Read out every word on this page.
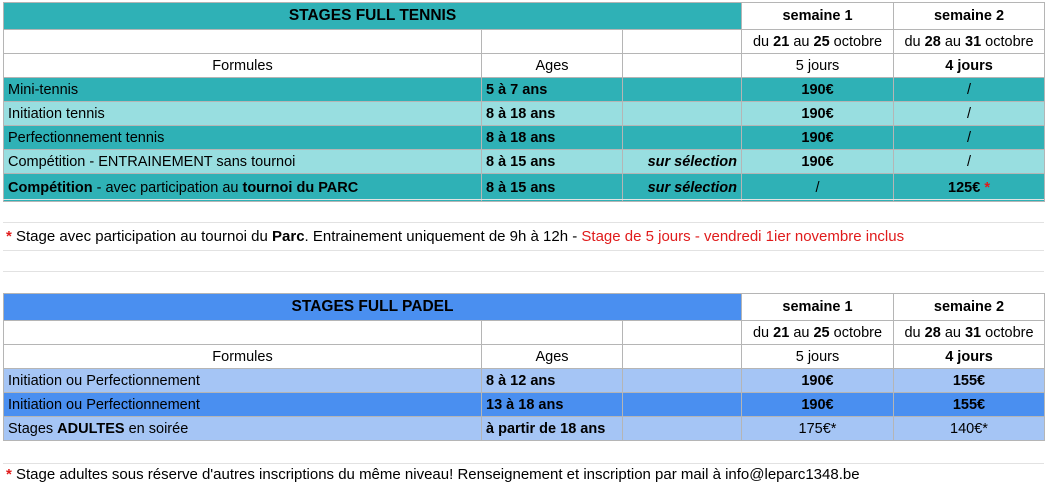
STAGES FULL TENNIS			semaine 1	semaine 2
			du 21 au 25 octobre	du 28 au 31 octobre
Formules	Ages		5 jours	4 jours
Mini-tennis	5 à 7 ans		190€	/
Initiation tennis	8 à 18 ans		190€	/
Perfectionnement tennis	8 à 18 ans		190€	/
Compétition - ENTRAINEMENT sans tournoi	8 à 15 ans	sur sélection	190€	/
Compétition - avec participation au tournoi du PARC	8 à 15 ans	sur sélection	/	125€ *
* Stage avec participation au tournoi du Parc. Entrainement uniquement de 9h à 12h - Stage de 5 jours - vendredi 1ier novembre inclus
STAGES FULL PADEL			semaine 1	semaine 2
			du 21 au 25 octobre	du 28 au 31 octobre
Formules	Ages		5 jours	4 jours
Initiation ou Perfectionnement	8 à 12 ans		190€	155€
Initiation ou Perfectionnement	13 à 18 ans		190€	155€
Stages ADULTES en soirée	à partir de 18 ans		175€*	140€*
* Stage adultes sous réserve d'autres inscriptions du même niveau! Renseignement et inscription par mail à info@leparc1348.be
